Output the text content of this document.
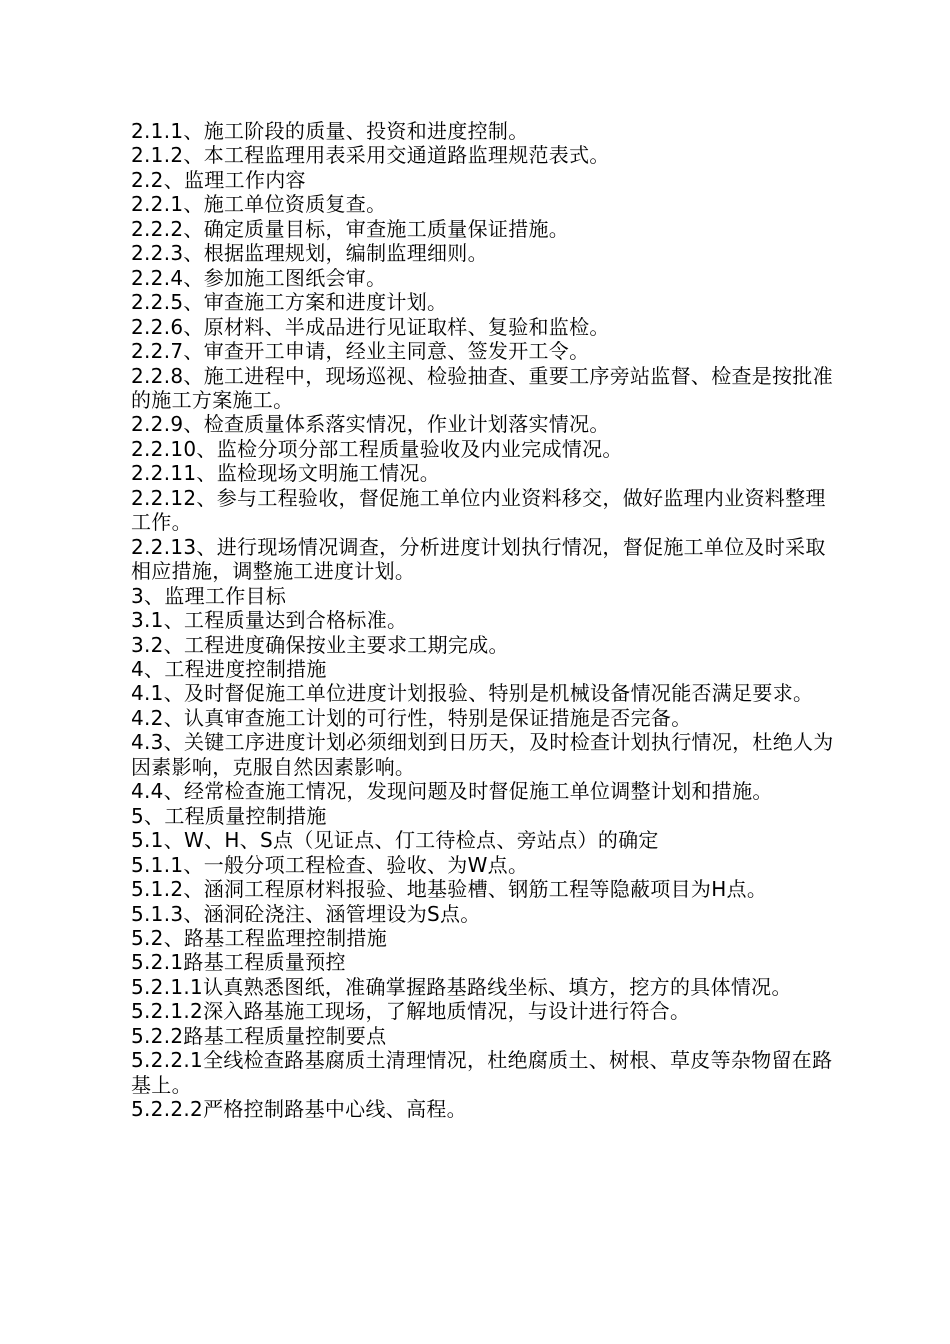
2.1.1、施工阶段的质量、投资和进度控制。

2.1.2、本工程监理用表采用交通道路监理规范表式。

2.2、监理工作内容

2.2.1、施工单位资质复查。

2.2.2、确定质量目标，审查施工质量保证措施。

2.2.3、根据监理规划，编制监理细则。

2.2.4、参加施工图纸会审。

2.2.5、审查施工方案和进度计划。

2.2.6、原材料、半成品进行见证取样、复验和监检。

2.2.7、审查开工申请，经业主同意、签发开工令。

2.2.8、施工进程中，现场巡视、检验抽查、重要工序旁站监督、检查是按批准的施工方案施工。

2.2.9、检查质量体系落实情况，作业计划落实情况。

2.2.10、监检分项分部工程质量验收及内业完成情况。

2.2.11、监检现场文明施工情况。

2.2.12、参与工程验收，督促施工单位内业资料移交，做好监理内业资料整理工作。

2.2.13、进行现场情况调查，分析进度计划执行情况，督促施工单位及时采取相应措施，调整施工进度计划。

3、监理工作目标

3.1、工程质量达到合格标准。

3.2、工程进度确保按业主要求工期完成。

4、工程进度控制措施

4.1、及时督促施工单位进度计划报验、特别是机械设备情况能否满足要求。

4.2、认真审查施工计划的可行性，特别是保证措施是否完备。

4.3、关键工序进度计划必须细划到日历天，及时检查计划执行情况，杜绝人为因素影响，克服自然因素影响。

4.4、经常检查施工情况，发现问题及时督促施工单位调整计划和措施。

5、工程质量控制措施

5.1、W、H、S点（见证点、仃工待检点、旁站点）的确定

5.1.1、一般分项工程检查、验收、为W点。

5.1.2、涵洞工程原材料报验、地基验槽、钢筋工程等隐蔽项目为H点。

5.1.3、涵洞砼浇注、涵管埋设为S点。

5.2、路基工程监理控制措施

5.2.1路基工程质量预控

5.2.1.1认真熟悉图纸，准确掌握路基路线坐标、填方，挖方的具体情况。

5.2.1.2深入路基施工现场，了解地质情况，与设计进行符合。

5.2.2路基工程质量控制要点

5.2.2.1全线检查路基腐质土清理情况，杜绝腐质土、树根、草皮等杂物留在路基上。

5.2.2.2严格控制路基中心线、高程。
